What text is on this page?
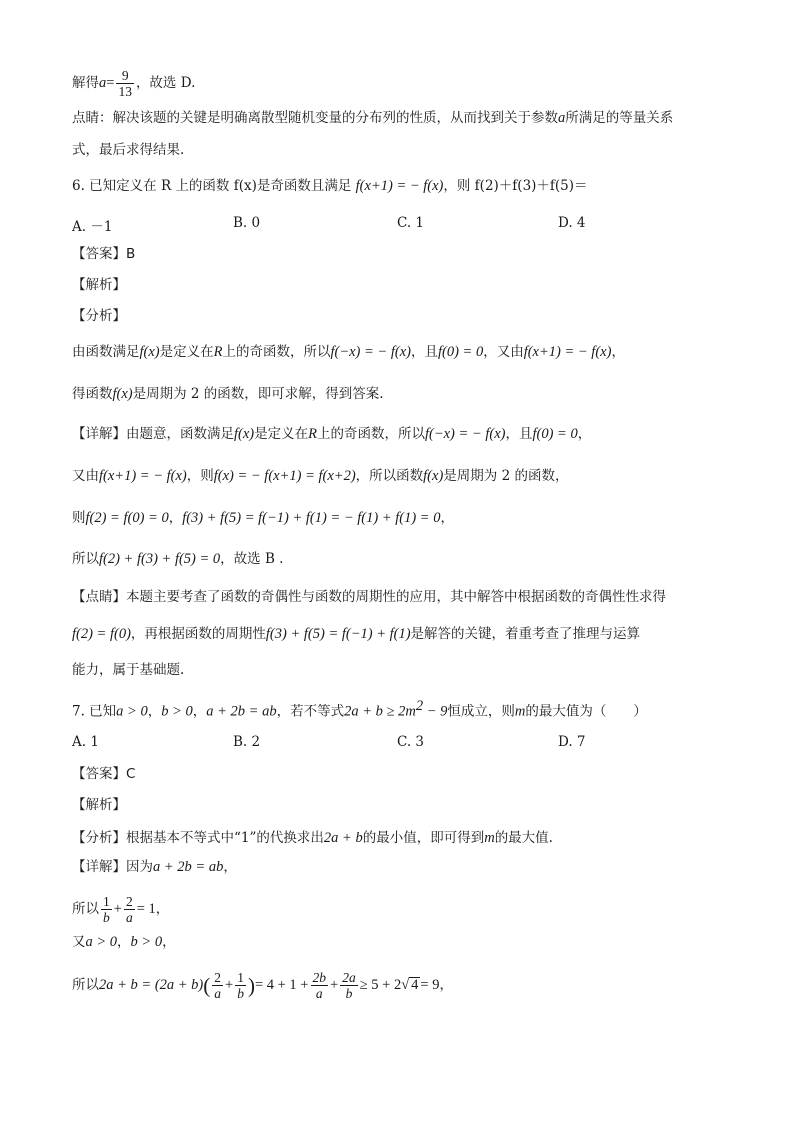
解得$a= \frac{9}{13}$ ，故选 D.
点睛：解决该题的关键是明确离散型随机变量的分布列的性质，从而找到关于参数a所满足的等量关系
式，最后求得结果.
6. 已知定义在 R 上的函数 f(x)是奇函数且满足 f(x+1) = − f(x)，则 f(2)＋f(3)＋f(5)＝
A. －1	B. 0	C. 1	D. 4
【答案】B
【解析】
【分析】
由函数满足f(x)是定义在R上的奇函数，所以f(−x) = − f(x)，且f(0) = 0，又由f(x+1) = − f(x)，
得函数f(x)是周期为 2 的函数，即可求解，得到答案.
【详解】由题意，函数满足f(x)是定义在R上的奇函数，所以f(−x) = − f(x)，且f(0) = 0，
又由f(x+1) = − f(x)，则f(x) = − f(x+1) = f(x+2)，所以函数f(x)是周期为 2 的函数，
则f(2) = f(0) = 0，f(3) + f(5) = f(−1) + f(1) = − f(1) + f(1) = 0，
所以f(2) + f(3) + f(5) = 0，故选 B .
【点睛】本题主要考查了函数的奇偶性与函数的周期性的应用，其中解答中根据函数的奇偶性性求得
f(2) = f(0)，再根据函数的周期性f(3) + f(5) = f(−1) + f(1)是解答的关键，着重考查了推理与运算
能力，属于基础题.
7. 已知a > 0，b > 0，a + 2b = ab，若不等式$2a + b \ge 2m^2 - 9$恒成立，则m的最大值为（　　）
A. 1	B. 2	C. 3	D. 7
【答案】C
【解析】
【分析】根据基本不等式中“1”的代换求出2a + b的最小值，即可得到m的最大值.
【详解】因为a + 2b = ab，
所以 $\frac{1}{b} + \frac{2}{a} = 1$，
又a > 0，b > 0，
所以$2a + b = (2a + b)( \frac{2}{a} + \frac{1}{b}$ )= $4 + 1 + \frac{2b}{a} + \frac{2a}{b} \ge 5 + 2√$ 4 = 9，
